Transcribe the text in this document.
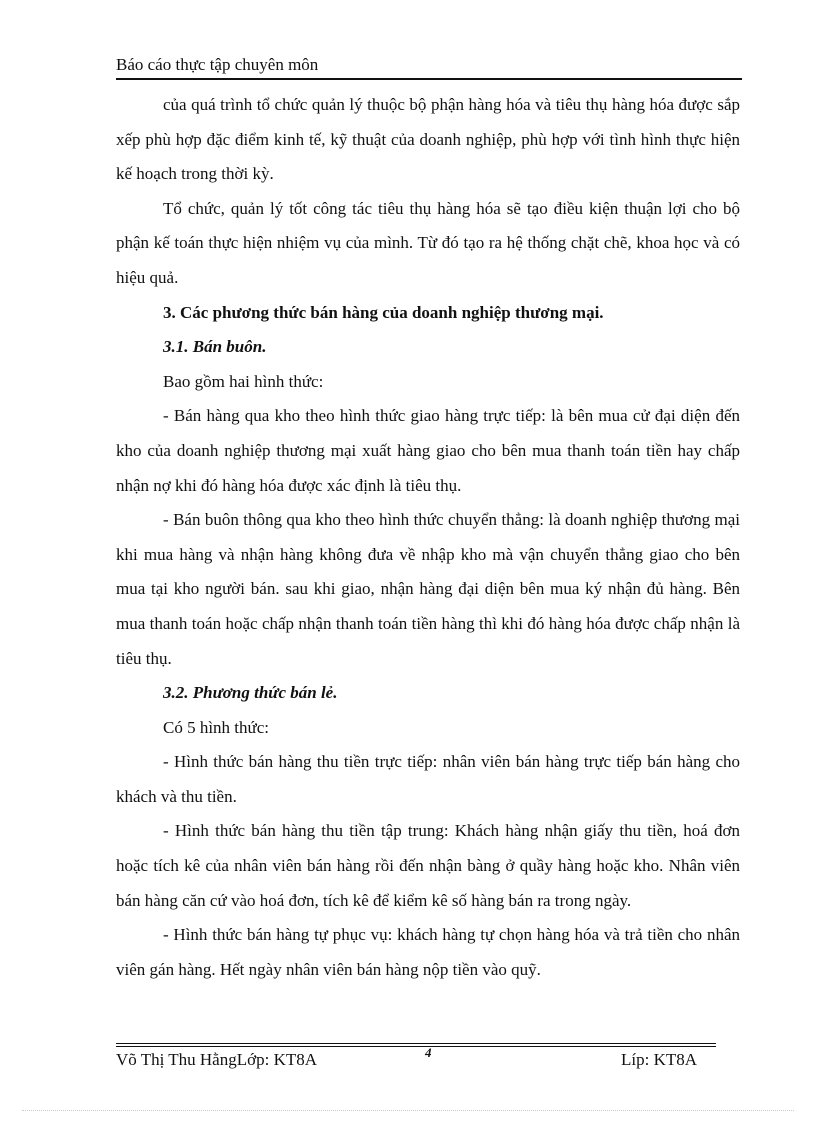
Báo cáo thực tập chuyên môn

của quá trình tổ chức quản lý thuộc bộ phận hàng hóa và tiêu thụ hàng hóa được sắp xếp phù hợp đặc điểm kinh tế, kỹ thuật của doanh nghiệp, phù hợp với tình hình thực hiện kế hoạch trong thời kỳ.

Tổ chức, quản lý tốt công tác tiêu thụ hàng hóa sẽ tạo điều kiện thuận lợi cho bộ phận kế toán thực hiện nhiệm vụ của mình. Từ đó tạo ra hệ thống chặt chẽ, khoa học và có hiệu quả.

3. Các phương thức bán hàng của doanh nghiệp thương mại.

3.1. Bán buôn.

Bao gồm hai hình thức:

- Bán hàng qua kho theo hình thức giao hàng trực tiếp: là bên mua cử đại diện đến kho của doanh nghiệp thương mại xuất hàng giao cho bên mua thanh toán tiền hay chấp nhận nợ khi đó hàng hóa được xác định là tiêu thụ.

- Bán buôn thông qua kho theo hình thức chuyển thẳng: là doanh nghiệp thương mại khi mua hàng và nhận hàng không đưa về nhập kho mà vận chuyển thẳng giao cho bên mua tại kho người bán. sau khi giao, nhận hàng đại diện bên mua ký nhận đủ hàng. Bên mua thanh toán hoặc chấp nhận thanh toán tiền hàng thì khi đó hàng hóa được chấp nhận là tiêu thụ.

3.2. Phương thức bán lẻ.

Có 5 hình thức:

- Hình thức bán hàng thu tiền trực tiếp: nhân viên bán hàng trực tiếp bán hàng cho khách và thu tiền.

- Hình thức bán hàng thu tiền tập trung: Khách hàng nhận giấy thu tiền, hoá đơn hoặc tích kê của nhân viên bán hàng rồi đến nhận bàng ở quầy hàng hoặc kho. Nhân viên bán hàng căn cứ vào hoá đơn, tích kê để kiểm kê số hàng bán ra trong ngày.

- Hình thức bán hàng tự phục vụ: khách hàng tự chọn hàng hóa và trả tiền cho nhân viên gán hàng. Hết ngày nhân viên bán hàng nộp tiền vào quỹ.

Võ Thị Thu HằngLớp: KT8A	4	Líp: KT8A
